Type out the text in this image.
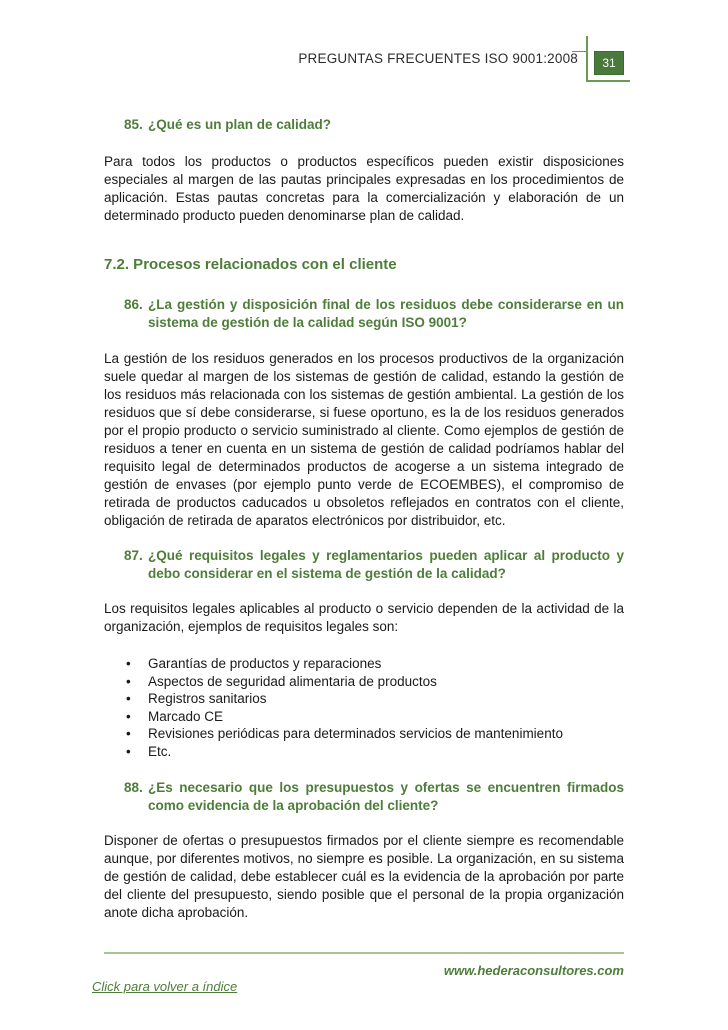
PREGUNTAS FRECUENTES ISO 9001:2008	31
85. ¿Qué es un plan de calidad?
Para todos los productos o productos específicos pueden existir disposiciones especiales al margen de las pautas principales expresadas en los procedimientos de aplicación. Estas pautas concretas para la comercialización y elaboración de un determinado producto pueden denominarse plan de calidad.
7.2. Procesos relacionados con el cliente
86. ¿La gestión y disposición final de los residuos debe considerarse en un sistema de gestión de la calidad según ISO 9001?
La gestión de los residuos generados en los procesos productivos de la organización suele quedar al margen de los sistemas de gestión de calidad, estando la gestión de los residuos más relacionada con los sistemas de gestión ambiental. La gestión de los residuos que sí debe considerarse, si fuese oportuno, es la de los residuos generados por el propio producto o servicio suministrado al cliente. Como ejemplos de gestión de residuos a tener en cuenta en un sistema de gestión de calidad podríamos hablar del requisito legal de determinados productos de acogerse a un sistema integrado de gestión de envases (por ejemplo punto verde de ECOEMBES), el compromiso de retirada de productos caducados u obsoletos reflejados en contratos con el cliente, obligación de retirada de aparatos electrónicos por distribuidor, etc.
87. ¿Qué requisitos legales y reglamentarios pueden aplicar al producto y debo considerar en el sistema de gestión de la calidad?
Los requisitos legales aplicables al producto o servicio dependen de la actividad de la organización, ejemplos de requisitos legales son:
• Garantías de productos y reparaciones
• Aspectos de seguridad alimentaria de productos
• Registros sanitarios
• Marcado CE
• Revisiones periódicas para determinados servicios de mantenimiento
• Etc.
88. ¿Es necesario que los presupuestos y ofertas se encuentren firmados como evidencia de la aprobación del cliente?
Disponer de ofertas o presupuestos firmados por el cliente siempre es recomendable aunque, por diferentes motivos, no siempre es posible. La organización, en su sistema de gestión de calidad, debe establecer cuál es la evidencia de la aprobación por parte del cliente del presupuesto, siendo posible que el personal de la propia organización anote dicha aprobación.
www.hederaconsultores.com
Click para volver a índice
